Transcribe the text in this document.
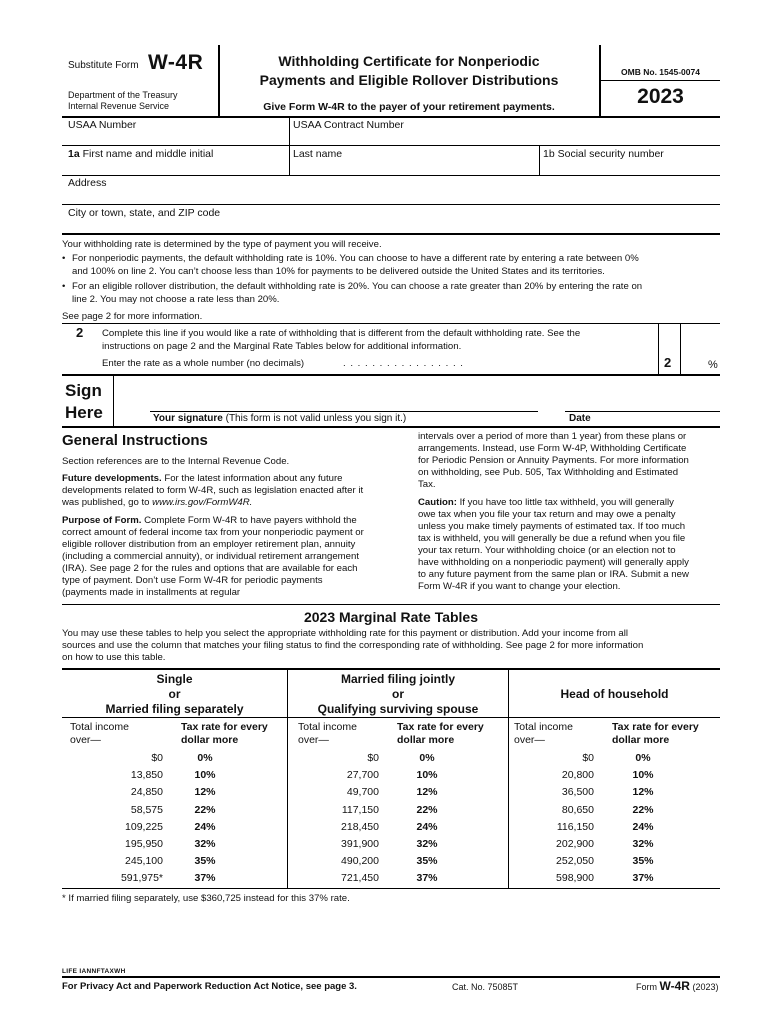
Substitute Form W-4R
Department of the Treasury
Internal Revenue Service
Withholding Certificate for Nonperiodic
Payments and Eligible Rollover Distributions
Give Form W-4R to the payer of your retirement payments.
OMB No. 1545-0074
2023
USAA Number	USAA Contract Number
1a First name and middle initial	Last name	1b Social security number
Address
City or town, state, and ZIP code
Your withholding rate is determined by the type of payment you will receive.
• For nonperiodic payments, the default withholding rate is 10%. You can choose to have a different rate by entering a rate between 0%
and 100% on line 2. You can’t choose less than 10% for payments to be delivered outside the United States and its territories.
• For an eligible rollover distribution, the default withholding rate is 20%. You can choose a rate greater than 20% by entering the rate on
line 2. You may not choose a rate less than 20%.
See page 2 for more information.
2 Complete this line if you would like a rate of withholding that is different from the default withholding rate. See the
instructions on page 2 and the Marginal Rate Tables below for additional information.
Enter the rate as a whole number (no decimals)	. . . . . . . . . . . . . . . . .	2	%
Sign
Here	Your signature (This form is not valid unless you sign it.)	Date
General Instructions
Section references are to the Internal Revenue Code.
Future developments. For the latest information about any future
developments related to form W-4R, such as legislation enacted after it
was published, go to www.irs.gov/FormW4R.
Purpose of Form. Complete Form W-4R to have payers withhold the
correct amount of federal income tax from your nonperiodic payment or
eligible rollover distribution from an employer retirement plan, annuity
(including a commercial annuity), or individual retirement arrangement
(IRA). See page 2 for the rules and options that are available for each
type of payment. Don’t use Form W-4R for periodic payments
(payments made in installments at regular
intervals over a period of more than 1 year) from these plans or
arrangements. Instead, use Form W-4P, Withholding Certificate
for Periodic Pension or Annuity Payments. For more information
on withholding, see Pub. 505, Tax Withholding and Estimated
Tax.
Caution: If you have too little tax withheld, you will generally
owe tax when you file your tax return and may owe a penalty
unless you make timely payments of estimated tax. If too much
tax is withheld, you will generally be due a refund when you file
your tax return. Your withholding choice (or an election not to
have withholding on a nonperiodic payment) will generally apply
to any future payment from the same plan or IRA. Submit a new
Form W-4R if you want to change your election.
2023 Marginal Rate Tables
You may use these tables to help you select the appropriate withholding rate for this payment or distribution. Add your income from all
sources and use the column that matches your filing status to find the corresponding rate of withholding. See page 2 for more information
on how to use this table.
Single
or
Married filing separately
Married filing jointly
or
Qualifying surviving spouse
Head of household
Total income
over—
Tax rate for every
dollar more
Total income
over—
Tax rate for every
dollar more
Total income
over—
Tax rate for every
dollar more
$0	0%	$0	0%	$0	0%
13,850	10%	27,700	10%	20,800	10%
24,850	12%	49,700	12%	36,500	12%
58,575	22%	117,150	22%	80,650	22%
109,225	24%	218,450	24%	116,150	24%
195,950	32%	391,900	32%	202,900	32%
245,100	35%	490,200	35%	252,050	35%
591,975*	37%	721,450	37%	598,900	37%
* If married filing separately, use $360,725 instead for this 37% rate.
LIFE IANNFTAXWH
For Privacy Act and Paperwork Reduction Act Notice, see page 3.	Cat. No. 75085T	Form W-4R (2023)
